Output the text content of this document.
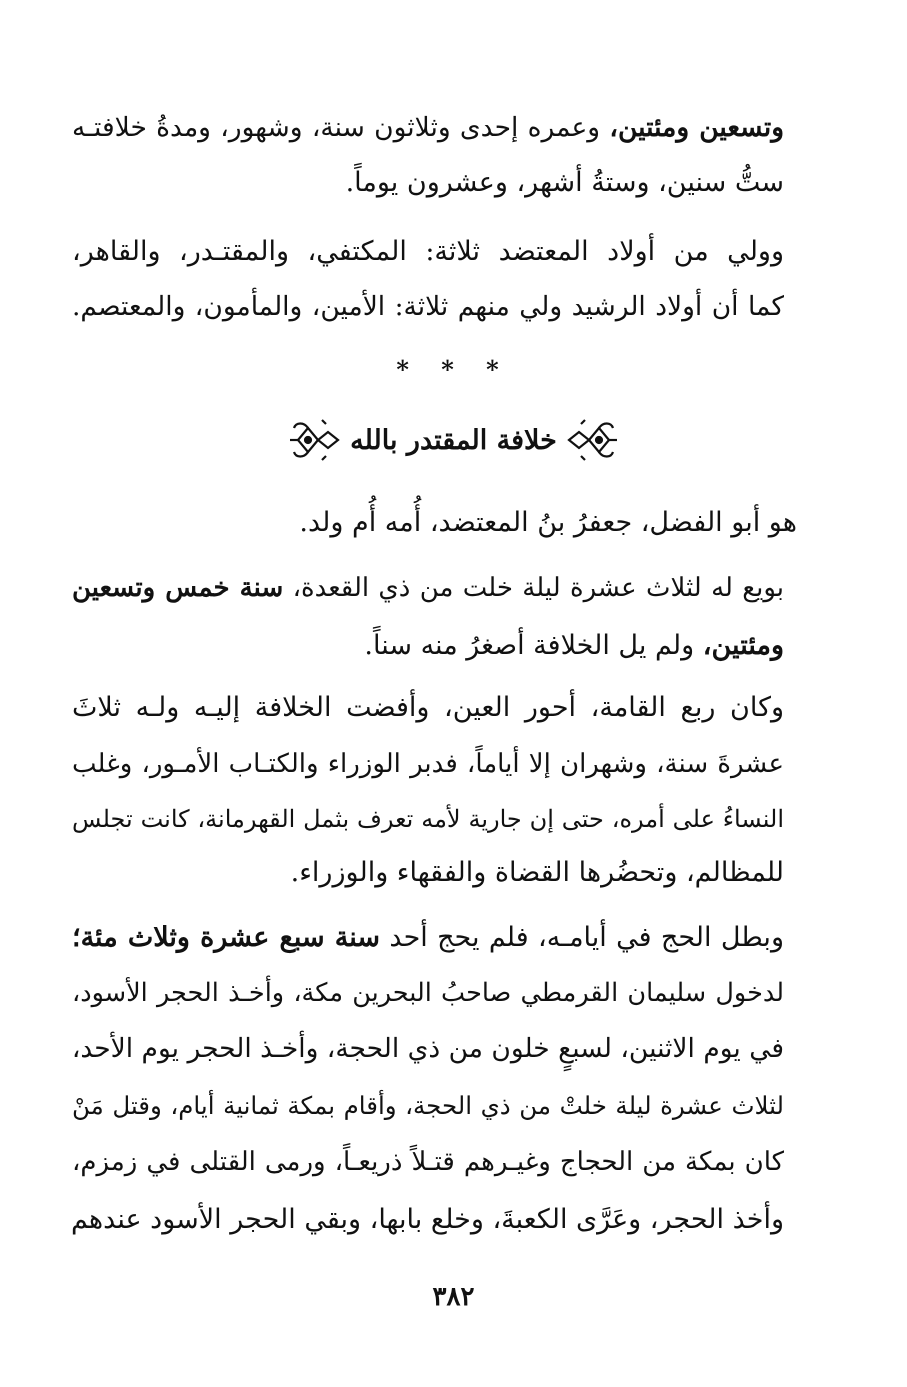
وتسعين ومئتين، وعمره إحدى وثلاثون سنة، وشهور، ومدةُ خلافتـه
ستُّ سنين، وستةُ أشهر، وعشرون يوماً.
وولي من أولاد المعتضد ثلاثة: المكتفي، والمقتـدر، والقاهر،
كما أن أولاد الرشيد ولي منهم ثلاثة: الأمين، والمأمون، والمعتصم.
* * *
خلافة المقتدر بالله
هو أبو الفضل، جعفرُ بنُ المعتضد، أُمه أُم ولد.
بويع له لثلاث عشرة ليلة خلت من ذي القعدة، سنة خمس وتسعين
ومئتين، ولم يل الخلافة أصغرُ منه سناً.
وكان ربع القامة، أحور العين، وأفضت الخلافة إليـه ولـه ثلاثَ
عشرةَ سنة، وشهران إلا أياماً، فدبر الوزراء والكتـاب الأمـور، وغلب
النساءُ على أمره، حتى إن جارية لأمه تعرف بثمل القهرمانة، كانت تجلس
للمظالم، وتحضُرها القضاة والفقهاء والوزراء.
وبطل الحج في أيامـه، فلم يحج أحد سنة سبع عشرة وثلاث مئة؛
لدخول سليمان القرمطي صاحبُ البحرين مكة، وأخـذ الحجر الأسود،
في يوم الاثنين، لسبعٍ خلون من ذي الحجة، وأخـذ الحجر يوم الأحد،
لثلاث عشرة ليلة خلتْ من ذي الحجة، وأقام بمكة ثمانية أيام، وقتل مَنْ
كان بمكة من الحجاج وغيـرهم قتـلاً ذريعـاً، ورمى القتلى في زمزم،
وأخذ الحجر، وعَرَّى الكعبةَ، وخلع بابها، وبقي الحجر الأسود عندهم
٣٨٢
